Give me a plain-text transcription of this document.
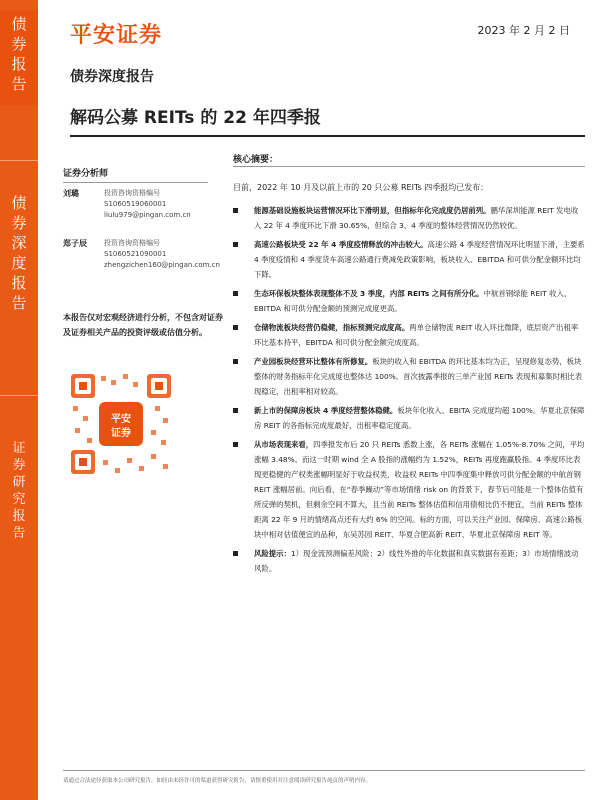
债
券
报
告
债
券
深
度
报
告
证
券
研
究
报
告
平安证券	2023 年 2 月 2 日
债券深度报告
解码公募 REITs 的 22 年四季报
证券分析师
刘璐	投资咨询资格编号
S1060519060001
liulu979@pingan.com.cn
郑子辰 投资咨询资格编号
S1060521090001
zhengzichen160@pingan.com.cn
本报告仅对宏观经济进行分析，不包含对证券及证券相关产品的投资评级或估值分析。
平安
证券
核心摘要：
目前，2022 年 10 月及以前上市的 20 只公募 REITs 四季报均已发布：
能源基础设施板块运营情况环比下滑明显，但指标年化完成度仍居前列。鹏华深圳能源 REIT 发电收入 22 年 4 季度环比下滑 30.65%，但综合 3、4 季度的整体经营情况仍然较优。
高速公路板块受 22 年 4 季度疫情释放的冲击较大。高速公路 4 季度经营情况环比明显下滑，主要系 4 季度疫情和 4 季度货车高速公路通行费减免政策影响，板块收入、EBITDA 和可供分配金额环比均下降。
生态环保板块整体表现整体不及 3 季度，内部 REITs 之间有所分化。中航首钢绿能 REIT 收入、EBITDA 和可供分配金额的预测完成度更高。
仓储物流板块经营仍稳健，指标预测完成度高。两单仓储物流 REIT 收入环比微降，底层资产出租率环比基本持平，EBITDA 和可供分配金额完成度高。
产业园板块经营环比整体有所修复。板块的收入和 EBITDA 的环比基本均为正，呈现修复态势，板块整体的财务指标年化完成度也整体达 100%。首次披露季报的三单产业园 REITs 表现和募集时相比表现稳定，出租率相对较高。
新上市的保障房板块 4 季度经营整体稳健。板块年化收入、EBITA 完成度均超 100%。华夏北京保障房 REIT 的各指标完成度最好，出租率稳定度高。
从市场表现来看，四季报发布后 20 只 REITs 悉数上涨，各 REITs 涨幅在 1.05%-8.70% 之间，平均涨幅 3.48%。而这一时期 wind 全 A 股指的涨幅约为 1.52%，REITs 再度跑赢股指。4 季度环比表现更稳健的产权类涨幅明显好于收益权类，收益权 REITs 中四季度集中释放可供分配金额的中航首钢 REIT 涨幅居前。向后看，在“春季躁动”等市场情绪 risk on 的背景下，春节后可能是一个整体估值有所反弹的契机，但剩余空间不算大，且当前 REITs 整体估值和信用债相比仍不便宜，当前 REITs 整体距离 22 年 9 月的情绪高点还有大约 6% 的空间。标的方面，可以关注产业园、保障房、高速公路板块中相对估值便宜的品种，东吴苏园 REIT、华夏合肥高新 REIT、华夏北京保障房 REIT 等。
风险提示：1）现金流预测偏差风险；2）线性外推的年化数据和真实数据有差距；3）市场情绪波动风险。
请通过合法途径获取本公司研究报告，如经由未经许可的渠道获得研究报告，请慎重使用并注意阅读研究报告尾页的声明内容。
